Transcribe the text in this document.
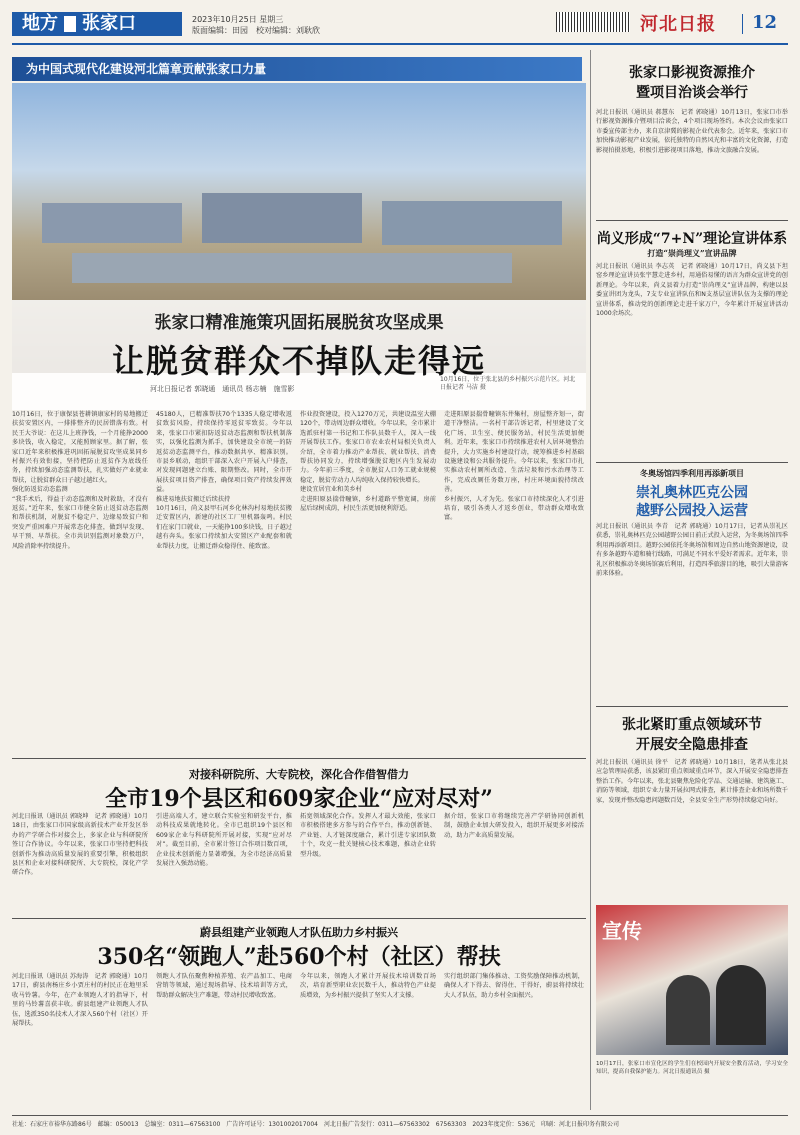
地方 张家口	2023年10月25日 星期三
版面编辑：田园　校对编辑：刘耿欣	河北日报 12
为中国式现代化建设河北篇章贡献张家口力量
张家口精准施策巩固拓展脱贫攻坚成果
让脱贫群众不掉队走得远
河北日报记者 郭晓通　通讯员 杨志楠　施雪影
10月16日，位于张北县的乡村振兴示范片区。河北日报记者 马洁 摄
10月16日，位于康保县苍耕镇康家村的易地搬迁扶贫安置区内，一排排整齐的民居错落有致。村民王大爷说：在这儿上班挣钱，一个月能挣2000多块钱，收入稳定，又能照顾家里。据了解，张家口近年来积极推进巩固拓展脱贫攻坚成果同乡村振兴有效衔接，坚持把防止返贫作为底线任务，持续加强动态监测帮扶，扎实做好产业就业帮扶，让脱贫群众日子越过越红火。
强化防返贫动态监测
“我手术后，得益于动态监测和及时救助，才没有返贫。”近年来，张家口市健全防止返贫动态监测和帮扶机制，对脱贫不稳定户、边缘易致贫户和突发严重困难户开展常态化排查，做到早发现、早干预、早帮扶。全市共识别监测对象数万户，风险消除率持续提升。
45180人，已精准帮扶70个1335人稳定增收返贫致贫风险，持续保持零返贫零致贫。今年以来，张家口市紧扣防返贫动态监测和帮扶机制落实，以强化监测为抓手，加快建设全市统一的防返贫动态监测平台，推动数据共享、精准识别。市县乡联动，组织干部深入农户开展入户排查，对发现问题建立台账、限期整改。同时，全市开展扶贫项目资产排查，确保项目资产持续发挥效益。
推进易地扶贫搬迁后续扶持
10月16日，尚义县甲石河乡化林沟村易地扶贫搬迁安置区内，新建的社区工厂里机器轰鸣。村民们在家门口就业，一天能挣100多块钱，日子越过越有奔头。张家口持续加大安置区产业配套和就业帮扶力度，让搬迁群众稳得住、能致富。
作业投资建设，投入1270万元，共建设温室大棚120个，带动周边群众增收。今年以来，全市累计选派驻村第一书记和工作队员数千人，深入一线开展帮扶工作。张家口市农业农村局相关负责人介绍，全市着力推动产业帮扶、就业帮扶、消费帮扶协同发力，持续增强脱贫地区内生发展动力。今年前三季度，全市脱贫人口务工就业规模稳定，脱贫劳动力人均纯收入保持较快增长。
建设宜居宜业和美乡村
走进阳原县揣骨疃镇，乡村道路平整宽阔，房前屋后绿树成荫，村民生活更加便利舒适。
走进阳原县揣骨疃镇东井集村，房屋整齐划一，街道干净整洁。一名村干部告诉记者，村里建设了文化广场、卫生室、便民服务站，村民生活更加便利。近年来，张家口市持续推进农村人居环境整治提升，大力实施乡村建设行动，统筹推进乡村基础设施建设和公共服务提升。今年以来，张家口市扎实推动农村厕所改造、生活垃圾和污水治理等工作，完成改厕任务数万座，村庄环境面貌持续改善。
乡村振兴，人才为先。张家口市持续深化人才引进培育，吸引各类人才返乡创业，带动群众增收致富。
对接科研院所、大专院校，深化合作借智借力
全市19个县区和609家企业“应对尽对”
河北日报讯（通讯员 郭晓坤　记者 郭晓通）10月18日，由张家口市国家级高新技术产业开发区举办的产学研合作对接会上，多家企业与科研院所签订合作协议。今年以来，张家口市坚持把科技创新作为推动高质量发展的重要引擎，积极组织县区和企业对接科研院所、大专院校，深化产学研合作。
引进高端人才，建立联合实验室和研发平台，推动科技成果就地转化。全市已组织19个县区和609家企业与科研院所开展对接，实现“应对尽对”。截至目前，全市累计签订合作项目数百项，企业技术创新能力显著增强，为全市经济高质量发展注入强劲动能。
拓宽领域深化合作。发挥人才最大效能，张家口市积极搭建多方参与的合作平台，推动创新链、产业链、人才链深度融合，累计引进专家团队数十个，攻克一批关键核心技术难题，推动企业转型升级。
据介绍，张家口市将继续完善产学研协同创新机制，鼓励企业加大研发投入，组织开展更多对接活动，助力产业高质量发展。
蔚县组建产业领跑人才队伍助力乡村振兴
350名“领跑人”赴560个村（社区）帮扶
河北日报讯（通讯员 苏海涛　记者 郭晓通）10月17日，蔚县南杨庄乡小贾庄村的村民正在地里采收马铃薯。今年，在产业领跑人才的指导下，村里的马铃薯喜获丰收。蔚县组建产业领跑人才队伍，选派350名技术人才深入560个村（社区）开展帮扶。
领跑人才队伍聚焦种植养殖、农产品加工、电商营销等领域，通过现场指导、技术培训等方式，帮助群众解决生产难题，带动村民增收致富。
今年以来，领跑人才累计开展技术培训数百场次，培育新型职业农民数千人，推动特色产业提质增效，为乡村振兴提供了坚实人才支撑。
实行组织部门集体推动、工资奖励保障推动机制，确保人才下得去、留得住、干得好，蔚县将持续壮大人才队伍，助力乡村全面振兴。
张家口影视资源推介
暨项目治谈会举行
河北日报讯（通讯员 郝慧东　记者 郭晓通）10月13日，张家口市举行影视资源推介暨项目洽谈会，4个项目现场签约。本次会议由张家口市委宣传部主办，来自京津冀的影视企业代表参会。近年来，张家口市加快推动影视产业发展，依托独特的自然风光和丰富的文化资源，打造影视拍摄基地，积极引进影视项目落地，推动文旅融合发展。
尚义形成“7+N”理论宣讲体系
打造“崇尚理义”宣讲品牌
河北日报讯（通讯员 李志英　记者 郭晓通）10月17日，尚义县下坦窑乡理论宣讲员张宇慧走进乡村，用通俗易懂的语言为群众宣讲党的创新理论。今年以来，尚义县着力打造“崇尚理义”宣讲品牌，构建以县委宣讲团为龙头，7支专业宣讲队伍和N支基层宣讲队伍为支撑的理论宣讲体系，推动党的创新理论走进千家万户，今年累计开展宣讲活动1000余场次。
冬奥场馆四季利用再添新项目
崇礼奥林匹克公园
越野公园投入运营
河北日报讯（通讯员 李青　记者 郭晓通）10月17日，记者从崇礼区获悉，崇礼奥林匹克公园越野公园日前正式投入运营，为冬奥场馆四季利用再添新项目。越野公园依托冬奥场馆和周边自然山地资源建设，设有多条越野车道和骑行线路，可满足不同水平爱好者需求。近年来，崇礼区积极推动冬奥场馆赛后利用，打造四季旅游目的地，吸引大量游客前来体验。
张北紧盯重点领域环节
开展安全隐患排查
河北日报讯（通讯员 徐平　记者 郭晓通）10月18日，笔者从张北县应急管理局获悉，该县紧盯重点领域重点环节，深入开展安全隐患排查整治工作。今年以来，张北县聚焦危险化学品、交通运输、建筑施工、消防等领域，组织专业力量开展拉网式排查，累计排查企业和场所数千家，发现并整改隐患问题数百处，全县安全生产形势持续稳定向好。
宣传
10月17日，张家口市宣化区的学生们在校园内开展安全教育活动，学习安全知识，提高自我保护能力。河北日报通讯员 摄
社址：石家庄市裕华东路86号　邮编：050013　总编室：0311—67563100　广告许可证号：1301002017004　河北日报广告发行：0311—67563302　67563303　2023年度定价：536元　印刷：河北日报印务有限公司
